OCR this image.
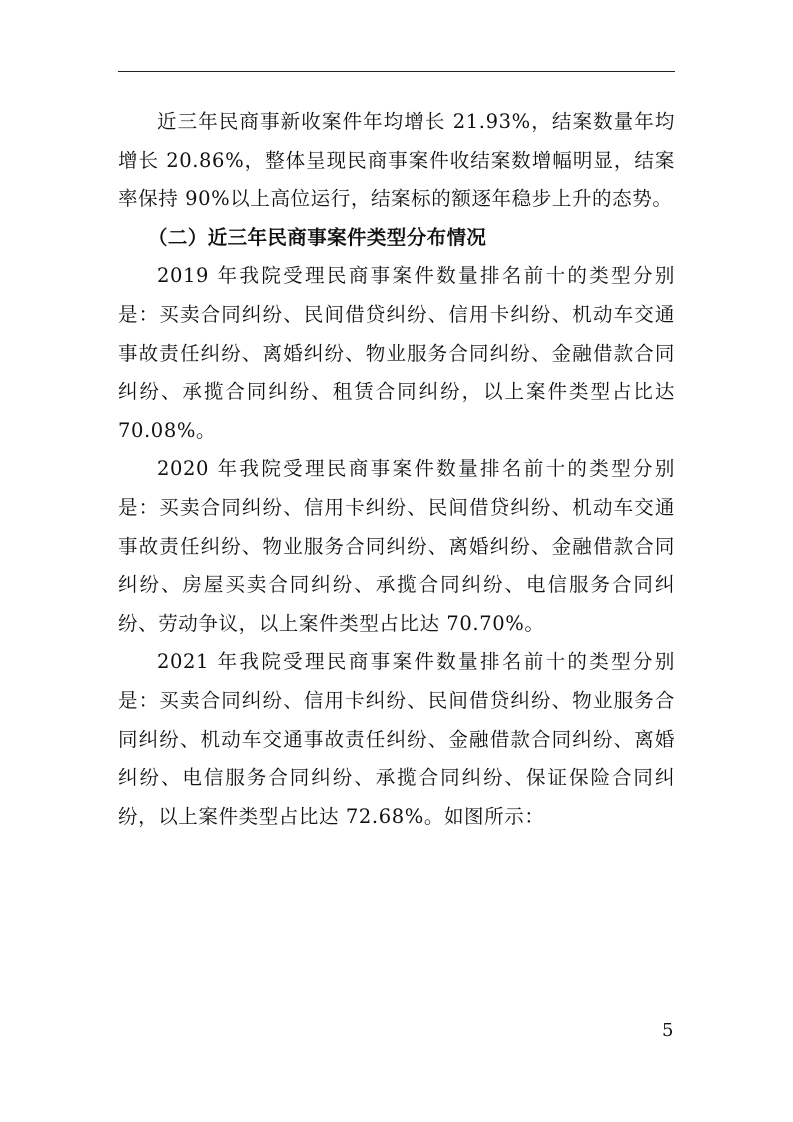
近三年民商事新收案件年均增长 21.93%，结案数量年均增长 20.86%，整体呈现民商事案件收结案数增幅明显，结案率保持 90%以上高位运行，结案标的额逐年稳步上升的态势。

（二）近三年民商事案件类型分布情况

2019 年我院受理民商事案件数量排名前十的类型分别是：买卖合同纠纷、民间借贷纠纷、信用卡纠纷、机动车交通事故责任纠纷、离婚纠纷、物业服务合同纠纷、金融借款合同纠纷、承揽合同纠纷、租赁合同纠纷，以上案件类型占比达 70.08%。

2020 年我院受理民商事案件数量排名前十的类型分别是：买卖合同纠纷、信用卡纠纷、民间借贷纠纷、机动车交通事故责任纠纷、物业服务合同纠纷、离婚纠纷、金融借款合同纠纷、房屋买卖合同纠纷、承揽合同纠纷、电信服务合同纠纷、劳动争议，以上案件类型占比达 70.70%。

2021 年我院受理民商事案件数量排名前十的类型分别是：买卖合同纠纷、信用卡纠纷、民间借贷纠纷、物业服务合同纠纷、机动车交通事故责任纠纷、金融借款合同纠纷、离婚纠纷、电信服务合同纠纷、承揽合同纠纷、保证保险合同纠纷，以上案件类型占比达 72.68%。如图所示：

5
